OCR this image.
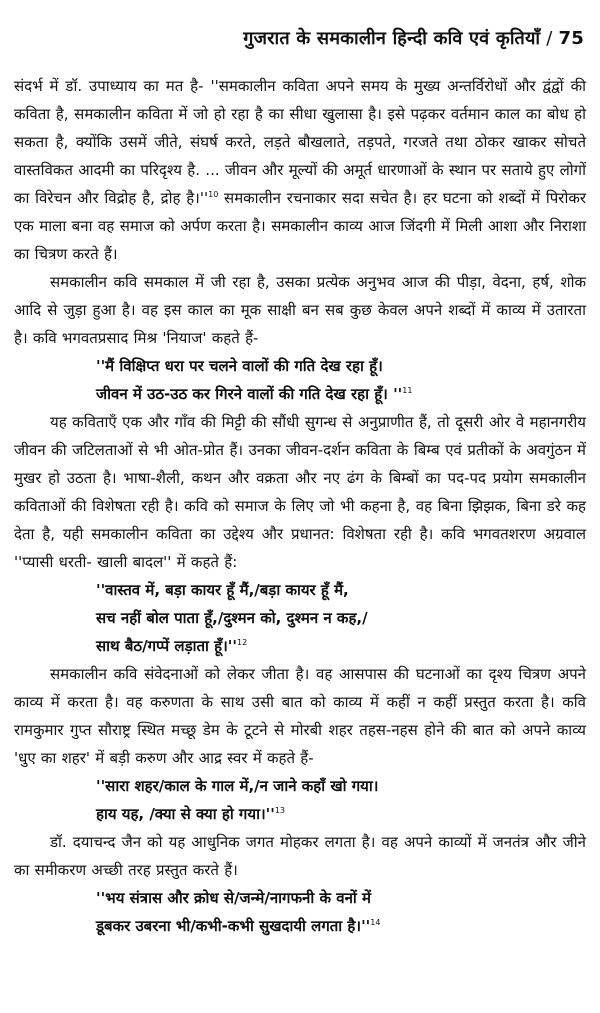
गुजरात के समकालीन हिन्दी कवि एवं कृतियाँ / 75

संदर्भ में डॉ. उपाध्याय का मत है- ''समकालीन कविता अपने समय के मुख्य अन्तर्विरोधों और द्वंद्वों की कविता है, समकालीन कविता में जो हो रहा है का सीधा खुलासा है। इसे पढ़कर वर्तमान काल का बोध हो सकता है, क्योंकि उसमें जीते, संघर्ष करते, लड़ते बौखलाते, तड़पते, गरजते तथा ठोकर खाकर सोचते वास्तविकत आदमी का परिदृश्य है. ... जीवन और मूल्यों की अमूर्त धारणाओं के स्थान पर सताये हुए लोगों का विरेचन और विद्रोह है, द्रोह है।''$^{10}$ समकालीन रचनाकार सदा सचेत है। हर घटना को शब्दों में पिरोकर एक माला बना वह समाज को अर्पण करता है। समकालीन काव्य आज जिंदगी में मिली आशा और निराशा का चित्रण करते हैं।

समकालीन कवि समकाल में जी रहा है, उसका प्रत्येक अनुभव आज की पीड़ा, वेदना, हर्ष, शोक आदि से जुड़ा हुआ है। वह इस काल का मूक साक्षी बन सब कुछ केवल अपने शब्दों में काव्य में उतारता है। कवि भगवतप्रसाद मिश्र 'नियाज' कहते हैं-

''मैं विक्षिप्त धरा पर चलने वालों की गति देख रहा हूँ।
जीवन में उठ-उठ कर गिरने वालों की गति देख रहा हूँ। ''$^{11}$

यह कविताएँ एक और गाँव की मिट्टी की सौंधी सुगन्ध से अनुप्राणीत हैं, तो दूसरी ओर वे महानगरीय जीवन की जटिलताओं से भी ओत-प्रोत हैं। उनका जीवन-दर्शन कविता के बिम्ब एवं प्रतीकों के अवगुंठन में मुखर हो उठता है। भाषा-शैली, कथन और वक्रता और नए ढंग के बिम्बों का पद-पद प्रयोग समकालीन कविताओं की विशेषता रही है। कवि को समाज के लिए जो भी कहना है, वह बिना झिझक, बिना डरे कह देता है, यही समकालीन कविता का उद्देश्य और प्रधानत: विशेषता रही है। कवि भगवतशरण अग्रवाल ''प्यासी धरती- खाली बादल'' में कहते हैं:

''वास्तव में, बड़ा कायर हूँ मैं,/बड़ा कायर हूँ मैं,
सच नहीं बोल पाता हूँ,/दुश्मन को, दुश्मन न कह,/
साथ बैठ/गप्पें लड़ाता हूँ।''$^{12}$

समकालीन कवि संवेदनाओं को लेकर जीता है। वह आसपास की घटनाओं का दृश्य चित्रण अपने काव्य में करता है। वह करुणता के साथ उसी बात को काव्य में कहीं न कहीं प्रस्तुत करता है। कवि रामकुमार गुप्त सौराष्ट्र स्थित मच्छू डेम के टूटने से मोरबी शहर तहस-नहस होने की बात को अपने काव्य 'धुए का शहर' में बड़ी करुण और आद्र स्वर में कहते हैं-

''सारा शहर/काल के गाल में,/न जाने कहाँ खो गया।
हाय यह, /क्या से क्या हो गया।''$^{13}$

डॉ. दयाचन्द जैन को यह आधुनिक जगत मोहकर लगता है। वह अपने काव्यों में जनतंत्र और जीने का समीकरण अच्छी तरह प्रस्तुत करते हैं।

''भय संत्रास और क्रोध से/जन्मे/नागफनी के वनों में
डूबकर उबरना भी/कभी-कभी सुखदायी लगता है।''$^{14}$
